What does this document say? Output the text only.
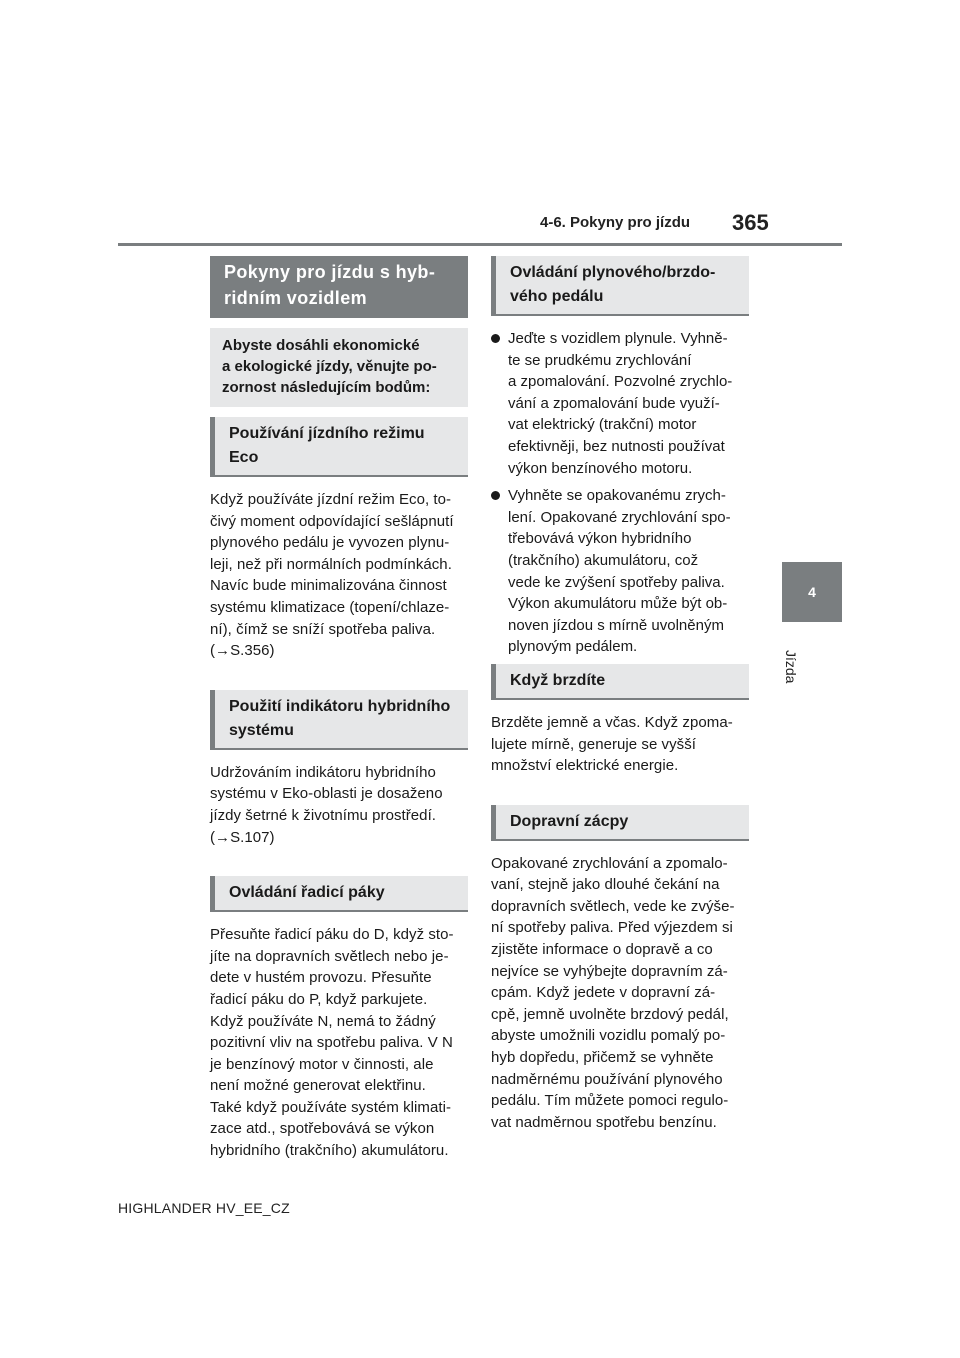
4-6. Pokyny pro jízdu 365
4
Jízda
Pokyny pro jízdu s hyb-
ridním vozidlem
Abyste dosáhli ekonomické
a ekologické jízdy, věnujte po-
zornost následujícím bodům:
Používání jízdního režimu
Eco

Když používáte jízdní režim Eco, to-
čivý moment odpovídající sešlápnutí
plynového pedálu je vyvozen plynu-
leji, než při normálních podmínkách.
Navíc bude minimalizována činnost
systému klimatizace (topení/chlaze-
ní), čímž se sníží spotřeba paliva.
(→S.356)

Použití indikátoru hybridního
systému

Udržováním indikátoru hybridního
systému v Eko-oblasti je dosaženo
jízdy šetrné k životnímu prostředí.
(→S.107)

Ovládání řadicí páky

Přesuňte řadicí páku do D, když sto-
jíte na dopravních světlech nebo je-
dete v hustém provozu. Přesuňte
řadicí páku do P, když parkujete.
Když používáte N, nemá to žádný
pozitivní vliv na spotřebu paliva. V N
je benzínový motor v činnosti, ale
není možné generovat elektřinu.
Také když používáte systém klimati-
zace atd., spotřebovává se výkon
hybridního (trakčního) akumulátoru.

Ovládání plynového/brzdo-
vého pedálu
Jeďte s vozidlem plynule. Vyhně-
te se prudkému zrychlování
a zpomalování. Pozvolné zrychlo-
vání a zpomalování bude využí-
vat elektrický (trakční) motor
efektivněji, bez nutnosti používat
výkon benzínového motoru.
Vyhněte se opakovanému zrych-
lení. Opakované zrychlování spo-
třebovává výkon hybridního
(trakčního) akumulátoru, což
vede ke zvýšení spotřeby paliva.
Výkon akumulátoru může být ob-
noven jízdou s mírně uvolněným
plynovým pedálem.
Když brzdíte

Brzděte jemně a včas. Když zpoma-
lujete mírně, generuje se vyšší
množství elektrické energie.

Dopravní zácpy

Opakované zrychlování a zpomalo-
vaní, stejně jako dlouhé čekání na
dopravních světlech, vede ke zvýše-
ní spotřeby paliva. Před výjezdem si
zjistěte informace o dopravě a co
nejvíce se vyhýbejte dopravním zá-
cpám. Když jedete v dopravní zá-
cpě, jemně uvolněte brzdový pedál,
abyste umožnili vozidlu pomalý po-
hyb dopředu, přičemž se vyhněte
nadměrnému používání plynového
pedálu. Tím můžete pomoci regulo-
vat nadměrnou spotřebu benzínu.

HIGHLANDER HV_EE_CZ
